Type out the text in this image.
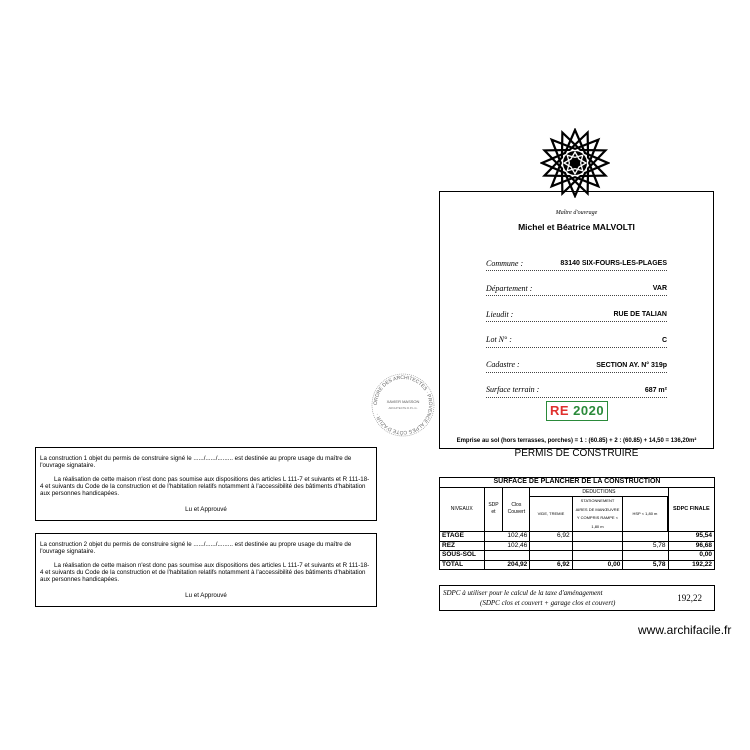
Maître d'ouvrage
Michel et Béatrice MALVOLTI
Commune :	83140 SIX-FOURS-LES-PLAGES
Département :	VAR
Lieudit :	RUE DE TALIAN
Lot N° :	C
Cadastre :	SECTION AY. N° 319p
Surface terrain :	687 m²
RE 2020
Emprise au sol (hors terrasses, porches) = 1 : (60.85) + 2 : (60.85) + 14,50 = 136,20m²
PERMIS DE CONSTRUIRE
ORDRE DES ARCHITECTES · PROVENCE ALPES CÔTE D'AZUR ·
XAVIER MASSON
ARCHITECTE D.P.L.G.
La construction 1 objet du permis de construire signé le ....../....../......... est destinée au propre usage du maître de l'ouvrage signataire.
La réalisation de cette maison n'est donc pas soumise aux dispositions des articles L 111-7 et suivants et R 111-18-4 et suivants du Code de la construction et de l'habitation relatifs notamment à l'accessibilité des bâtiments d'habitation aux personnes handicapées.
Lu et Approuvé
La construction 2 objet du permis de construire signé le ....../....../......... est destinée au propre usage du maître de l'ouvrage signataire.
La réalisation de cette maison n'est donc pas soumise aux dispositions des articles L 111-7 et suivants et R 111-18-4 et suivants du Code de la construction et de l'habitation relatifs notamment à l'accessibilité des bâtiments d'habitation aux personnes handicapées.
Lu et Approuvé
SURFACE DE PLANCHER DE LA CONSTRUCTION						
NIVEAUX	SDP et	Clos Couvert	DEDUCTIONS			SDPC FINALE
			VIDE, TREMIE	STATIONNEMENT AIRES DE MANŒUVRE Y COMPRIS RAMPE < 1,80 m	HSP < 1,80 m	
ETAGE	102,46		6,92			95,54
REZ	102,46				5,78	96,68
SOUS-SOL						0,00
TOTAL	204,92		6,92	0,00	5,78	192,22
SDPC à utiliser pour le calcul de la taxe d'aménagement
(SDPC clos et couvert + garage clos et couvert)	192,22
www.archifacile.fr
